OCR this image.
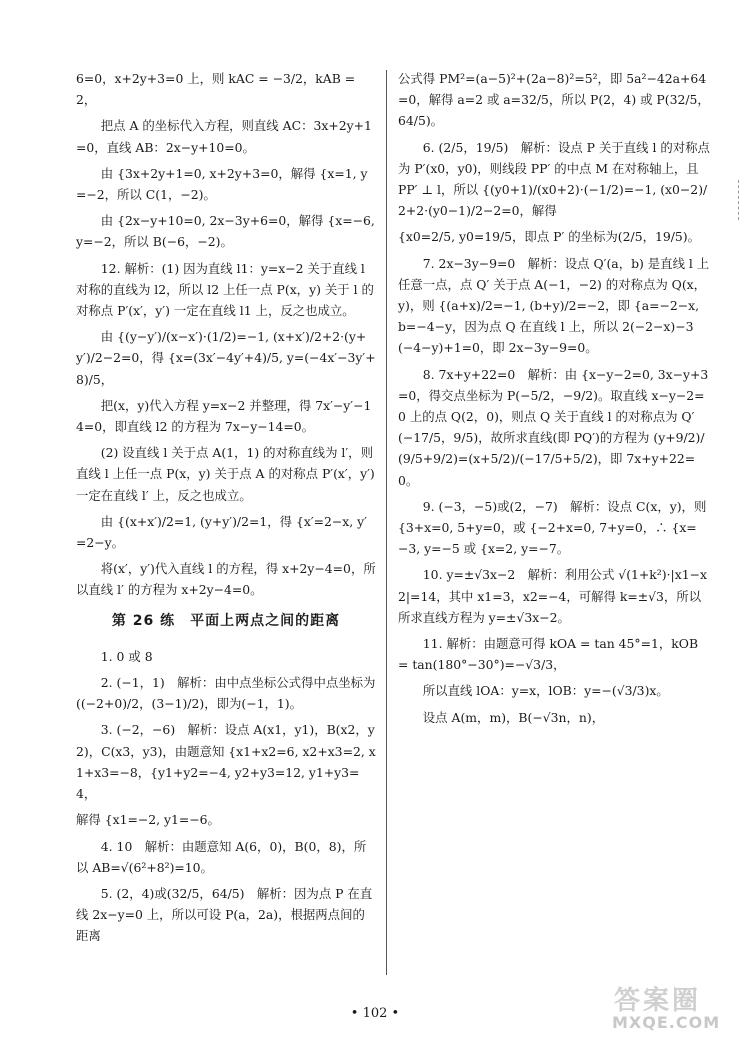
6=0，x+2y+3=0 上，则 kAC = −3/2，kAB = 2，

把点 A 的坐标代入方程，则直线 AC：3x+2y+1=0，直线 AB：2x−y+10=0。

由 {3x+2y+1=0, x+2y+3=0，解得 {x=1, y=−2，所以 C(1，−2)。

由 {2x−y+10=0, 2x−3y+6=0，解得 {x=−6, y=−2，所以 B(−6，−2)。

12. 解析：(1) 因为直线 l1：y=x−2 关于直线 l 对称的直线为 l2，所以 l2 上任一点 P(x，y) 关于 l 的对称点 P′(x′，y′) 一定在直线 l1 上，反之也成立。

由 {(y−y′)/(x−x′)·(1/2)=−1, (x+x′)/2+2·(y+y′)/2−2=0，得 {x=(3x′−4y′+4)/5, y=(−4x′−3y′+8)/5，

把(x，y)代入方程 y=x−2 并整理，得 7x′−y′−14=0，即直线 l2 的方程为 7x−y−14=0。

(2) 设直线 l 关于点 A(1，1) 的对称直线为 l′，则直线 l 上任一点 P(x，y) 关于点 A 的对称点 P′(x′，y′) 一定在直线 l′ 上，反之也成立。

由 {(x+x′)/2=1, (y+y′)/2=1，得 {x′=2−x, y′=2−y。

将(x′，y′)代入直线 l 的方程，得 x+2y−4=0，所以直线 l′ 的方程为 x+2y−4=0。

第 26 练　平面上两点之间的距离

1. 0 或 8

2. (−1，1)　解析：由中点坐标公式得中点坐标为((−2+0)/2，(3−1)/2)，即为(−1，1)。

3. (−2，−6)　解析：设点 A(x1，y1)，B(x2，y2)，C(x3，y3)，由题意知 {x1+x2=6, x2+x3=2, x1+x3=−8，{y1+y2=−4, y2+y3=12, y1+y3=4，

解得 {x1=−2, y1=−6。

4. 10　解析：由题意知 A(6，0)，B(0，8)，所以 AB=√(6²+8²)=10。

5. (2，4)或(32/5，64/5)　解析：因为点 P 在直线 2x−y=0 上，所以可设 P(a，2a)，根据两点间的距离

公式得 PM²=(a−5)²+(2a−8)²=5²，即 5a²−42a+64=0，解得 a=2 或 a=32/5，所以 P(2，4) 或 P(32/5，64/5)。

6. (2/5，19/5)　解析：设点 P 关于直线 l 的对称点为 P′(x0，y0)，则线段 PP′ 的中点 M 在对称轴上，且 PP′ ⊥ l，所以 {(y0+1)/(x0+2)·(−1/2)=−1, (x0−2)/2+2·(y0−1)/2−2=0，解得

{x0=2/5, y0=19/5，即点 P′ 的坐标为(2/5，19/5)。

7. 2x−3y−9=0　解析：设点 Q′(a，b) 是直线 l 上任意一点，点 Q′ 关于点 A(−1，−2) 的对称点为 Q(x，y)，则 {(a+x)/2=−1, (b+y)/2=−2，即 {a=−2−x, b=−4−y，因为点 Q 在直线 l 上，所以 2(−2−x)−3(−4−y)+1=0，即 2x−3y−9=0。

8. 7x+y+22=0　解析：由 {x−y−2=0, 3x−y+3=0，得交点坐标为 P(−5/2，−9/2)。取直线 x−y−2=0 上的点 Q(2，0)，则点 Q 关于直线 l 的对称点为 Q′(−17/5，9/5)，故所求直线(即 PQ′)的方程为 (y+9/2)/(9/5+9/2)=(x+5/2)/(−17/5+5/2)，即 7x+y+22=0。

9. (−3，−5)或(2，−7)　解析：设点 C(x，y)，则 {3+x=0, 5+y=0，或 {−2+x=0, 7+y=0，∴ {x=−3, y=−5 或 {x=2, y=−7。

10. y=±√3x−2　解析：利用公式 √(1+k²)·|x1−x2|=14，其中 x1=3，x2=−4，可解得 k=±√3，所以所求直线方程为 y=±√3x−2。

11. 解析：由题意可得 kOA = tan 45°=1，kOB = tan(180°−30°)=−√3/3，

所以直线 lOA：y=x，lOB：y=−(√3/3)x。

设点 A(m，m)，B(−√3n，n)，

• 102 •	答案圈
MXQE.COM
